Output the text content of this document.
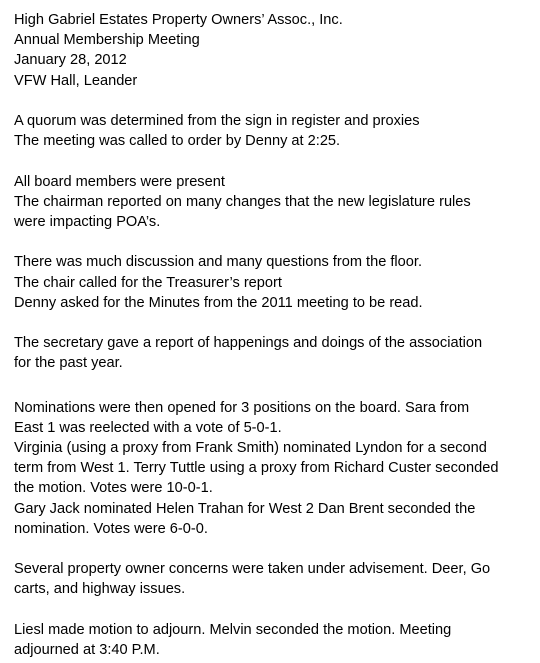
High Gabriel Estates Property Owners’ Assoc., Inc.
Annual Membership Meeting
January 28, 2012
VFW Hall, Leander
A quorum was determined from the sign in register and proxies
The meeting was called to order by Denny at 2:25.
All board members were present
The chairman reported on many changes that the new legislature rules
were impacting POA’s.
There was much discussion and many questions from the floor.
The chair called for the Treasurer’s report
Denny asked for the Minutes from the 2011 meeting to be read.
The secretary gave a report of happenings and doings of the association
for the past year.
Nominations were then opened for 3 positions on the board. Sara from
East 1 was reelected with a vote of 5-0-1.
Virginia (using a proxy from Frank Smith) nominated Lyndon for a second
term from West 1. Terry Tuttle using a proxy from Richard Custer seconded
the motion. Votes were 10-0-1.
Gary Jack nominated Helen Trahan for West 2 Dan Brent seconded the
nomination. Votes were 6-0-0.
Several property owner concerns were taken under advisement. Deer, Go
carts, and highway issues.
Liesl made motion to adjourn. Melvin seconded the motion. Meeting
adjourned at 3:40 P.M.
